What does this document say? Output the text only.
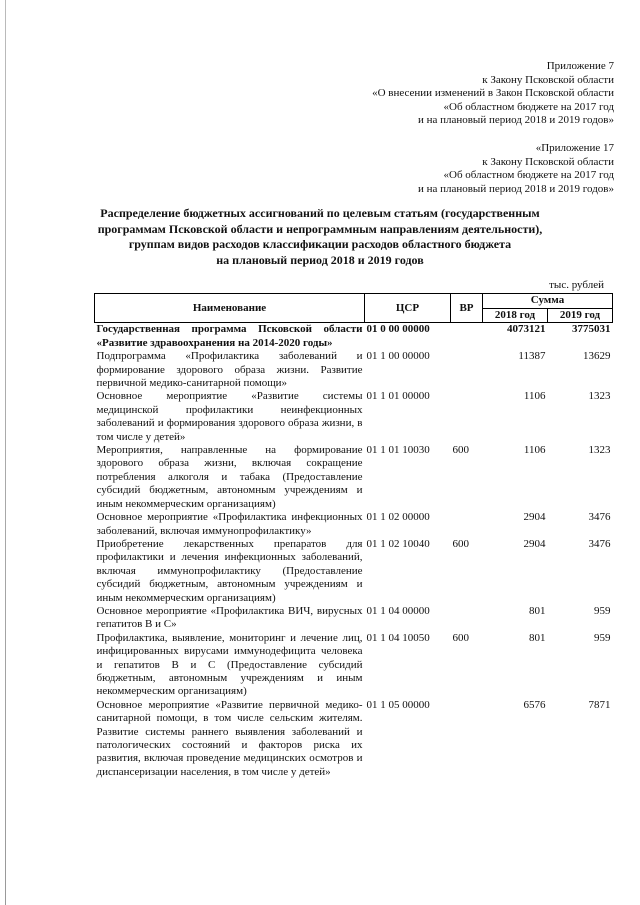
Приложение 7
к Закону Псковской области
«О внесении изменений в Закон Псковской области
«Об областном бюджете на 2017 год
и на плановый период 2018 и 2019 годов»
«Приложение 17
к Закону Псковской области
«Об областном бюджете на 2017 год
и на плановый период 2018 и 2019 годов»
Распределение бюджетных ассигнований по целевым статьям (государственным
программам Псковской области и непрограммным направлениям деятельности),
группам видов расходов классификации расходов областного бюджета
на плановый период 2018 и 2019 годов
тыс. рублей
Наименование	ЦСР	ВР	Сумма	
			2018 год	2019 год
Государственная программа Псковской области «Развитие здравоохранения на 2014-2020 годы»	01 0 00 00000		4073121	3775031
Подпрограмма «Профилактика заболеваний и формирование здорового образа жизни. Развитие первичной медико-санитарной помощи»	01 1 00 00000		11387	13629
Основное мероприятие «Развитие системы медицинской профилактики неинфекционных заболеваний и формирования здорового образа жизни, в том числе у детей»	01 1 01 00000		1106	1323
Мероприятия, направленные на формирование здорового образа жизни, включая сокращение потребления алкоголя и табака (Предоставление субсидий бюджетным, автономным учреждениям и иным некоммерческим организациям)	01 1 01 10030	600	1106	1323
Основное мероприятие «Профилактика инфекционных заболеваний, включая иммунопрофилактику»	01 1 02 00000		2904	3476
Приобретение лекарственных препаратов для профилактики и лечения инфекционных заболеваний, включая иммунопрофилактику (Предоставление субсидий бюджетным, автономным учреждениям и иным некоммерческим организациям)	01 1 02 10040	600	2904	3476
Основное мероприятие «Профилактика ВИЧ, вирусных гепатитов В и С»	01 1 04 00000		801	959
Профилактика, выявление, мониторинг и лечение лиц, инфицированных вирусами иммунодефицита человека и гепатитов В и С (Предоставление субсидий бюджетным, автономным учреждениям и иным некоммерческим организациям)	01 1 04 10050	600	801	959
Основное мероприятие «Развитие первичной медико-санитарной помощи, в том числе сельским жителям. Развитие системы раннего выявления заболеваний и патологических состояний и факторов риска их развития, включая проведение медицинских осмотров и диспансеризации населения, в том числе у детей»	01 1 05 00000		6576	7871
